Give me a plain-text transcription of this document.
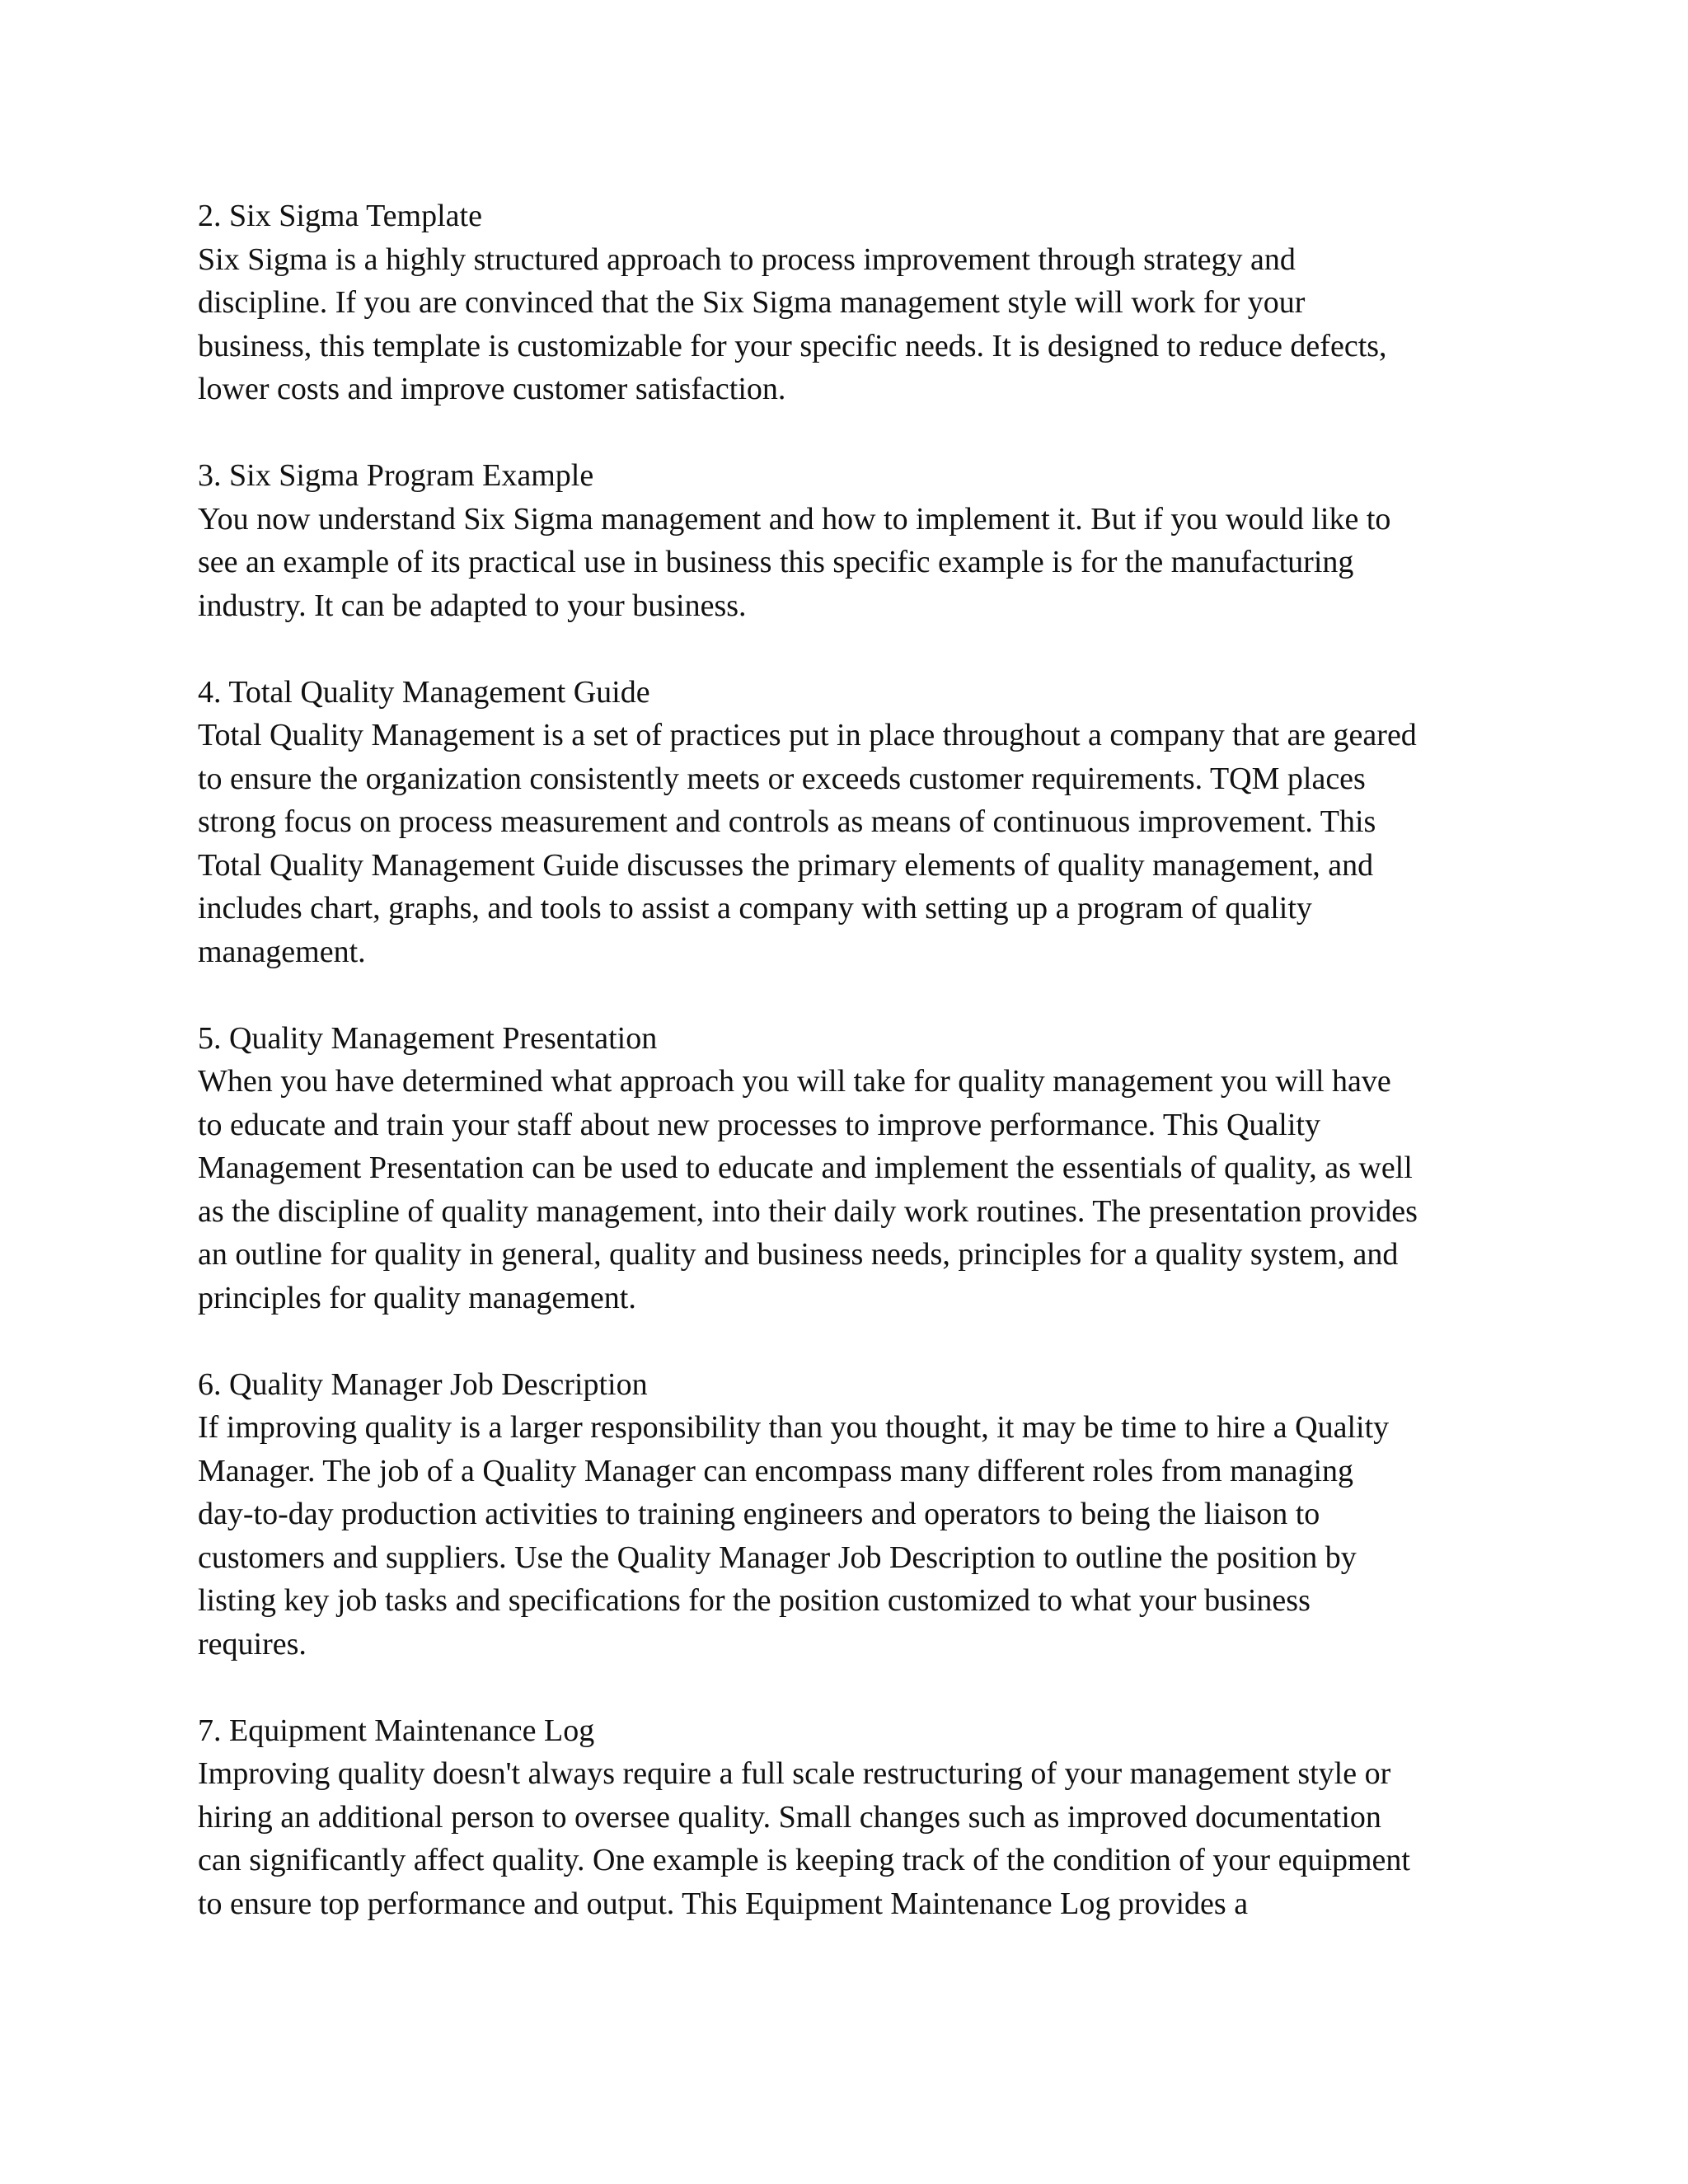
2. Six Sigma Template
Six Sigma is a highly structured approach to process improvement through strategy and
discipline. If you are convinced that the Six Sigma management style will work for your
business, this template is customizable for your specific needs. It is designed to reduce defects,
lower costs and improve customer satisfaction.
3. Six Sigma Program Example
You now understand Six Sigma management and how to implement it. But if you would like to
see an example of its practical use in business this specific example is for the manufacturing
industry. It can be adapted to your business.
4. Total Quality Management Guide
Total Quality Management is a set of practices put in place throughout a company that are geared
to ensure the organization consistently meets or exceeds customer requirements. TQM places
strong focus on process measurement and controls as means of continuous improvement. This
Total Quality Management Guide discusses the primary elements of quality management, and
includes chart, graphs, and tools to assist a company with setting up a program of quality
management.
5. Quality Management Presentation
When you have determined what approach you will take for quality management you will have
to educate and train your staff about new processes to improve performance. This Quality
Management Presentation can be used to educate and implement the essentials of quality, as well
as the discipline of quality management, into their daily work routines. The presentation provides
an outline for quality in general, quality and business needs, principles for a quality system, and
principles for quality management.
6. Quality Manager Job Description
If improving quality is a larger responsibility than you thought, it may be time to hire a Quality
Manager. The job of a Quality Manager can encompass many different roles from managing
day-to-day production activities to training engineers and operators to being the liaison to
customers and suppliers. Use the Quality Manager Job Description to outline the position by
listing key job tasks and specifications for the position customized to what your business
requires.
7. Equipment Maintenance Log
Improving quality doesn't always require a full scale restructuring of your management style or
hiring an additional person to oversee quality. Small changes such as improved documentation
can significantly affect quality. One example is keeping track of the condition of your equipment
to ensure top performance and output. This Equipment Maintenance Log provides a
